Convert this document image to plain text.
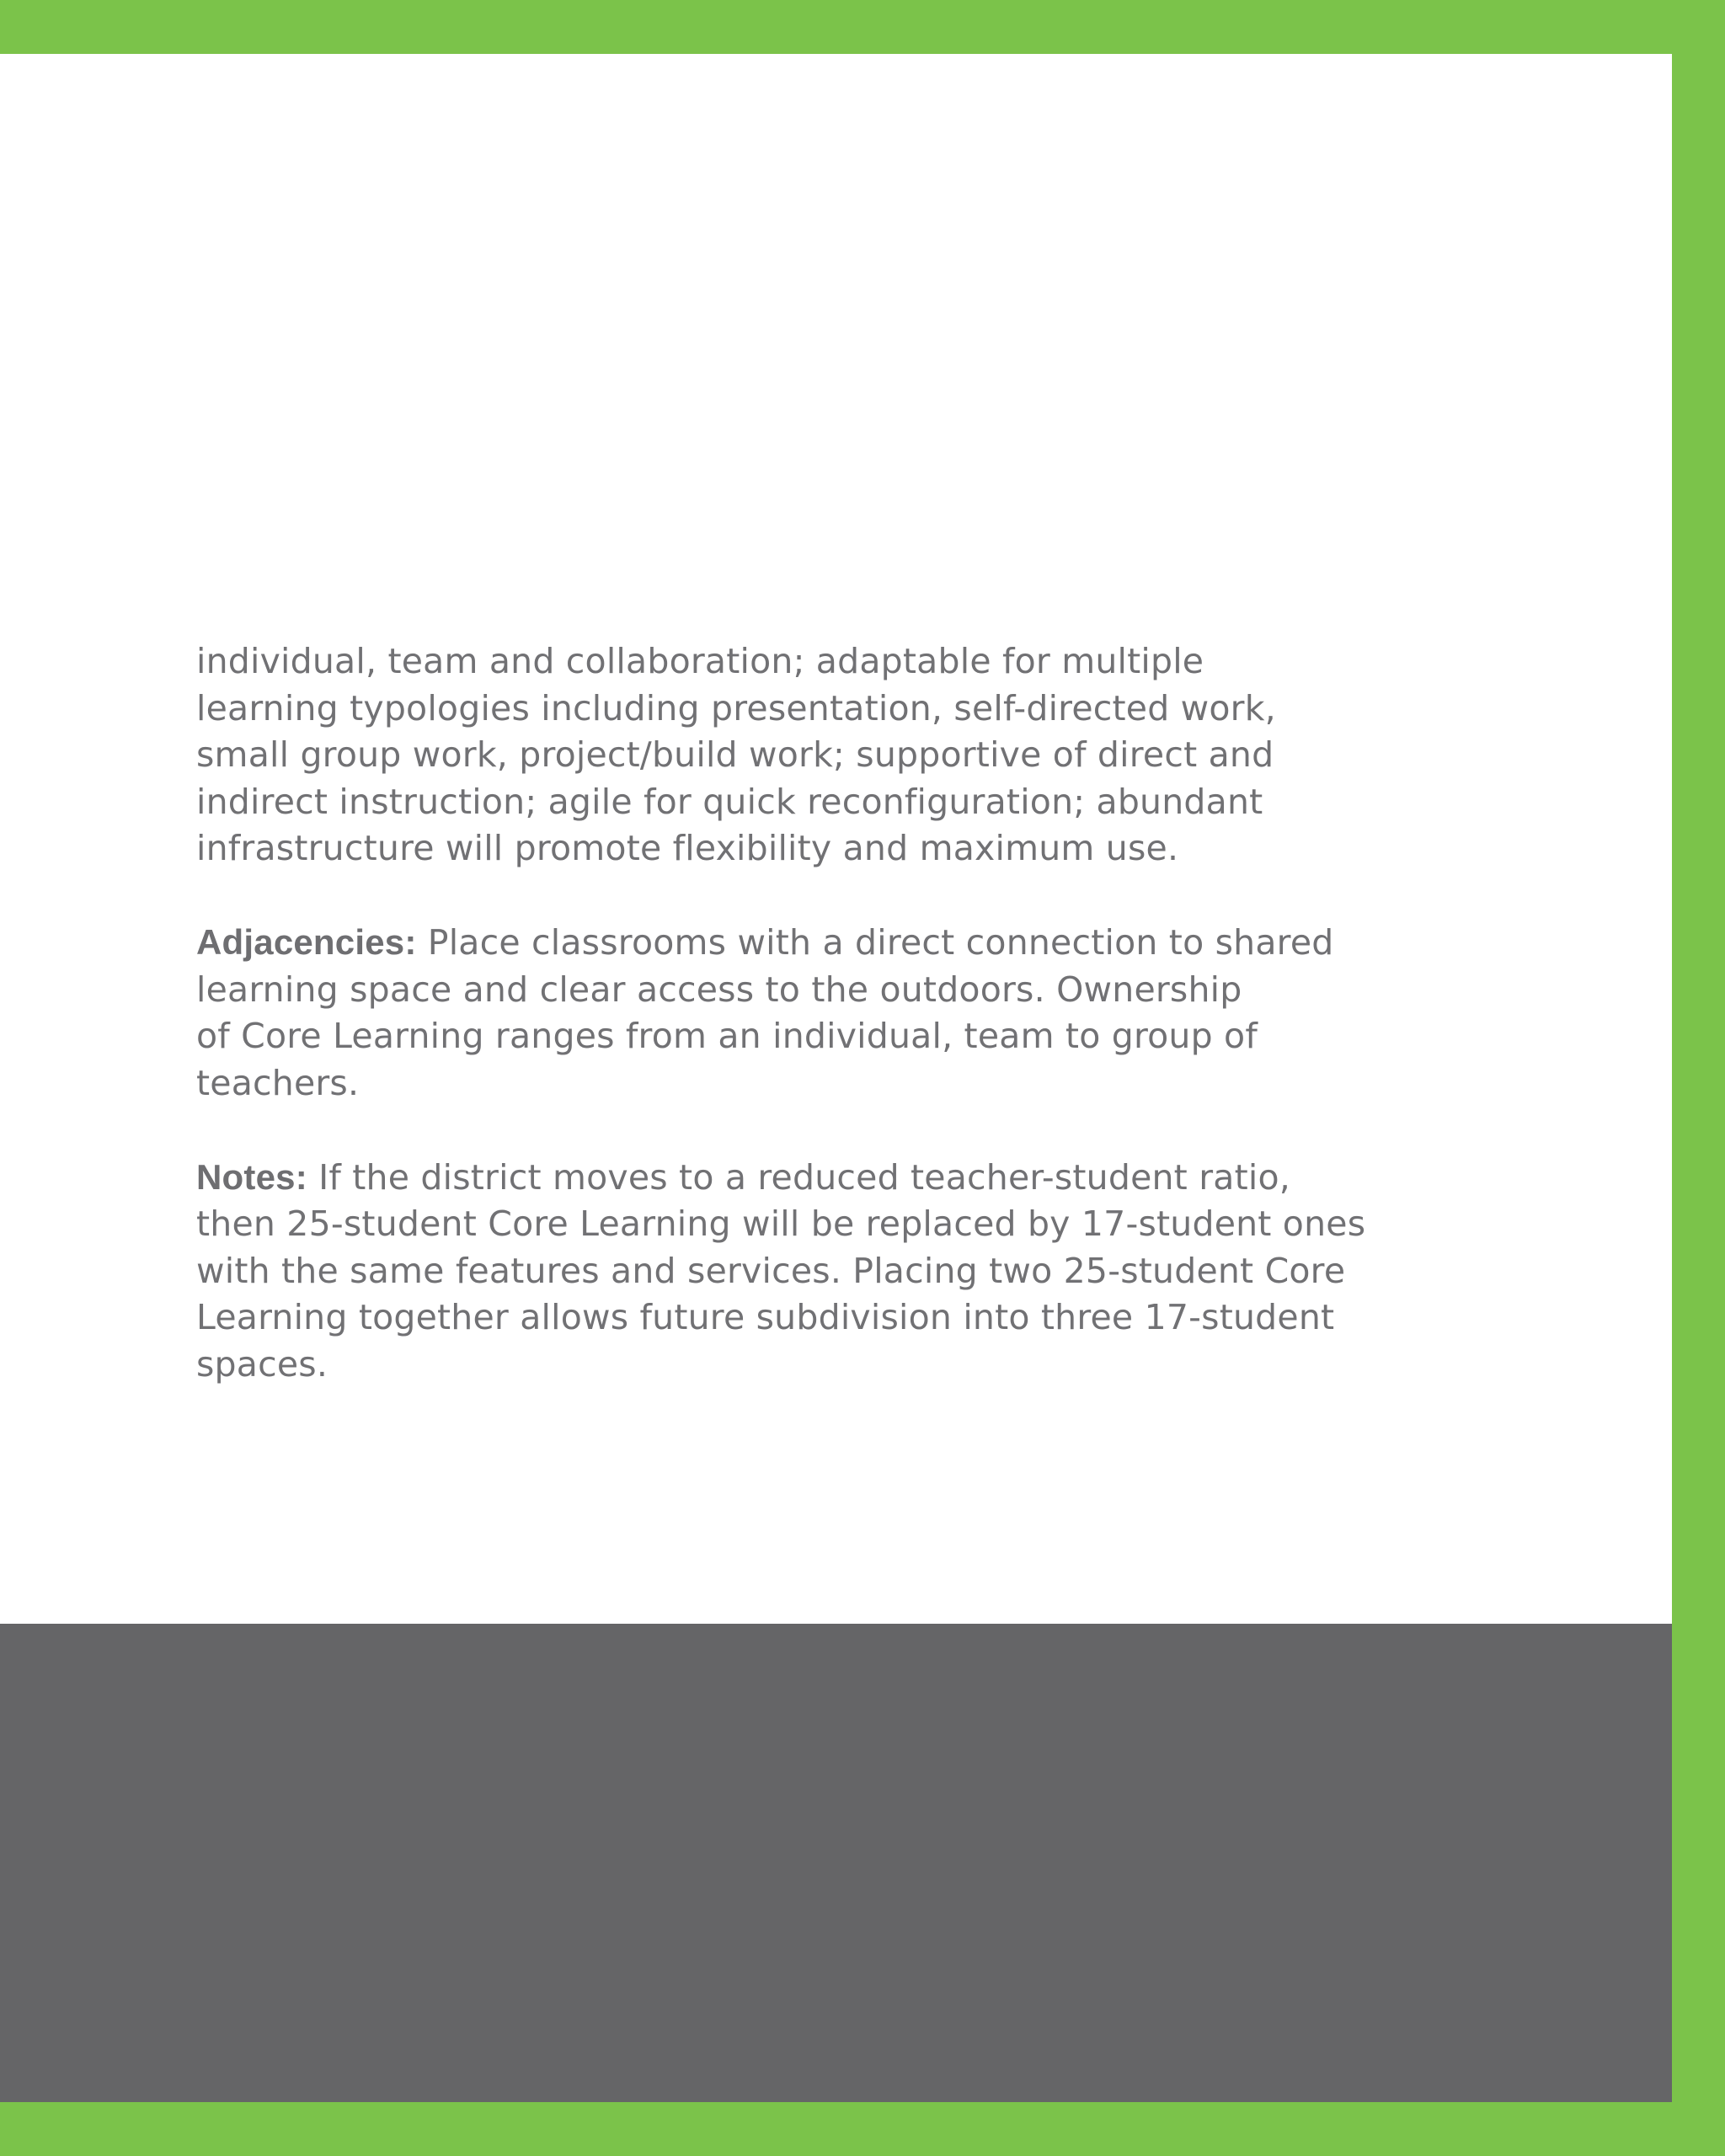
individual, team and collaboration; adaptable for multiple
learning typologies including presentation, self-directed work,
small group work, project/build work; supportive of direct and
indirect instruction; agile for quick reconfiguration; abundant
infrastructure will promote flexibility and maximum use.

Adjacencies: Place classrooms with a direct connection to shared
learning space and clear access to the outdoors. Ownership
of Core Learning ranges from an individual, team to group of
teachers.

Notes: If the district moves to a reduced teacher-student ratio,
then 25-student Core Learning will be replaced by 17-student ones
with the same features and services. Placing two 25-student Core
Learning together allows future subdivision into three 17-student
spaces.
